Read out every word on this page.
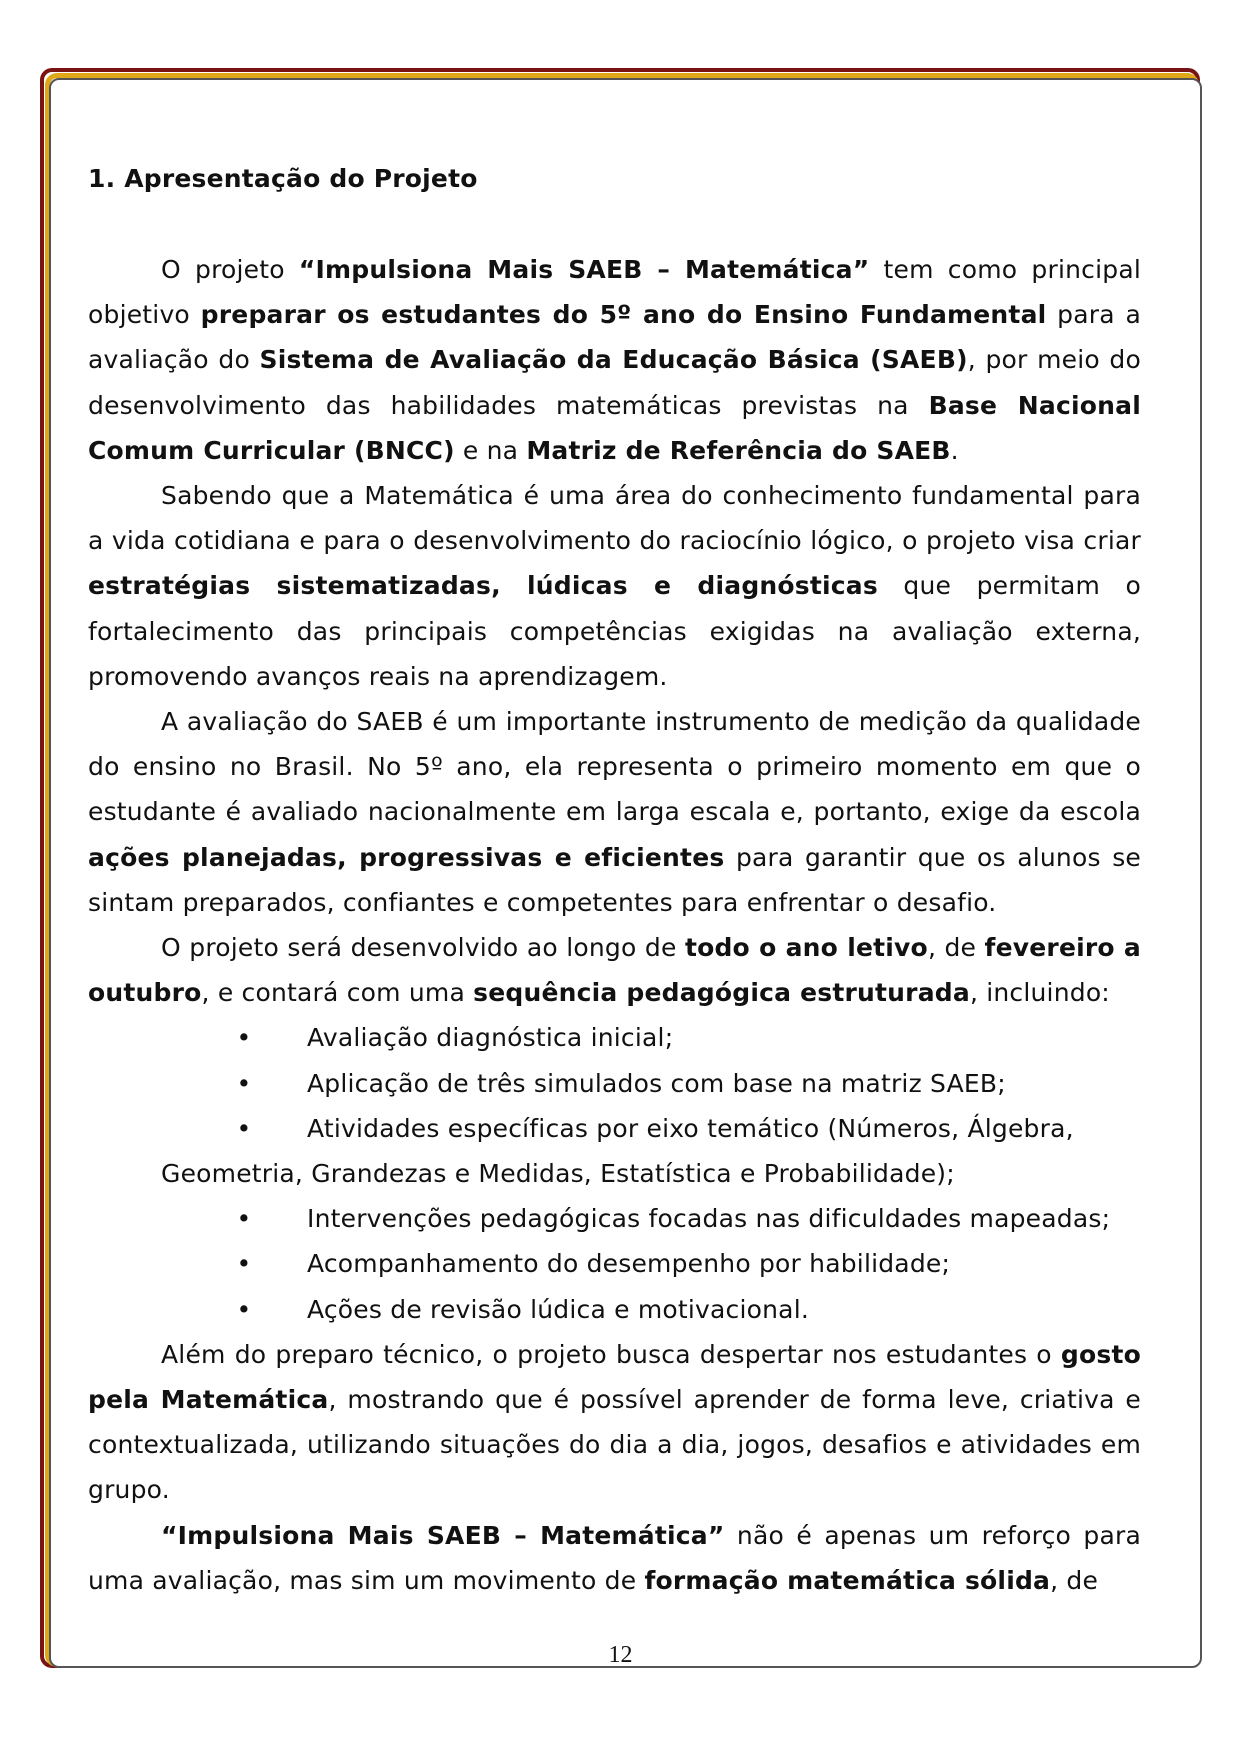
1. Apresentação do Projeto

O projeto “Impulsiona Mais SAEB – Matemática” tem como principal objetivo preparar os estudantes do 5º ano do Ensino Fundamental para a avaliação do Sistema de Avaliação da Educação Básica (SAEB), por meio do desenvolvimento das habilidades matemáticas previstas na Base Nacional Comum Curricular (BNCC) e na Matriz de Referência do SAEB.

Sabendo que a Matemática é uma área do conhecimento fundamental para a vida cotidiana e para o desenvolvimento do raciocínio lógico, o projeto visa criar estratégias sistematizadas, lúdicas e diagnósticas que permitam o fortalecimento das principais competências exigidas na avaliação externa, promovendo avanços reais na aprendizagem.

A avaliação do SAEB é um importante instrumento de medição da qualidade do ensino no Brasil. No 5º ano, ela representa o primeiro momento em que o estudante é avaliado nacionalmente em larga escala e, portanto, exige da escola ações planejadas, progressivas e eficientes para garantir que os alunos se sintam preparados, confiantes e competentes para enfrentar o desafio.

O projeto será desenvolvido ao longo de todo o ano letivo, de fevereiro a outubro, e contará com uma sequência pedagógica estruturada, incluindo:

• Avaliação diagnóstica inicial;
• Aplicação de três simulados com base na matriz SAEB;
• Atividades específicas por eixo temático (Números, Álgebra,
Geometria, Grandezas e Medidas, Estatística e Probabilidade);
• Intervenções pedagógicas focadas nas dificuldades mapeadas;
• Acompanhamento do desempenho por habilidade;
• Ações de revisão lúdica e motivacional.

Além do preparo técnico, o projeto busca despertar nos estudantes o gosto pela Matemática, mostrando que é possível aprender de forma leve, criativa e contextualizada, utilizando situações do dia a dia, jogos, desafios e atividades em grupo.

“Impulsiona Mais SAEB – Matemática” não é apenas um reforço para uma avaliação, mas sim um movimento de formação matemática sólida, de

12
